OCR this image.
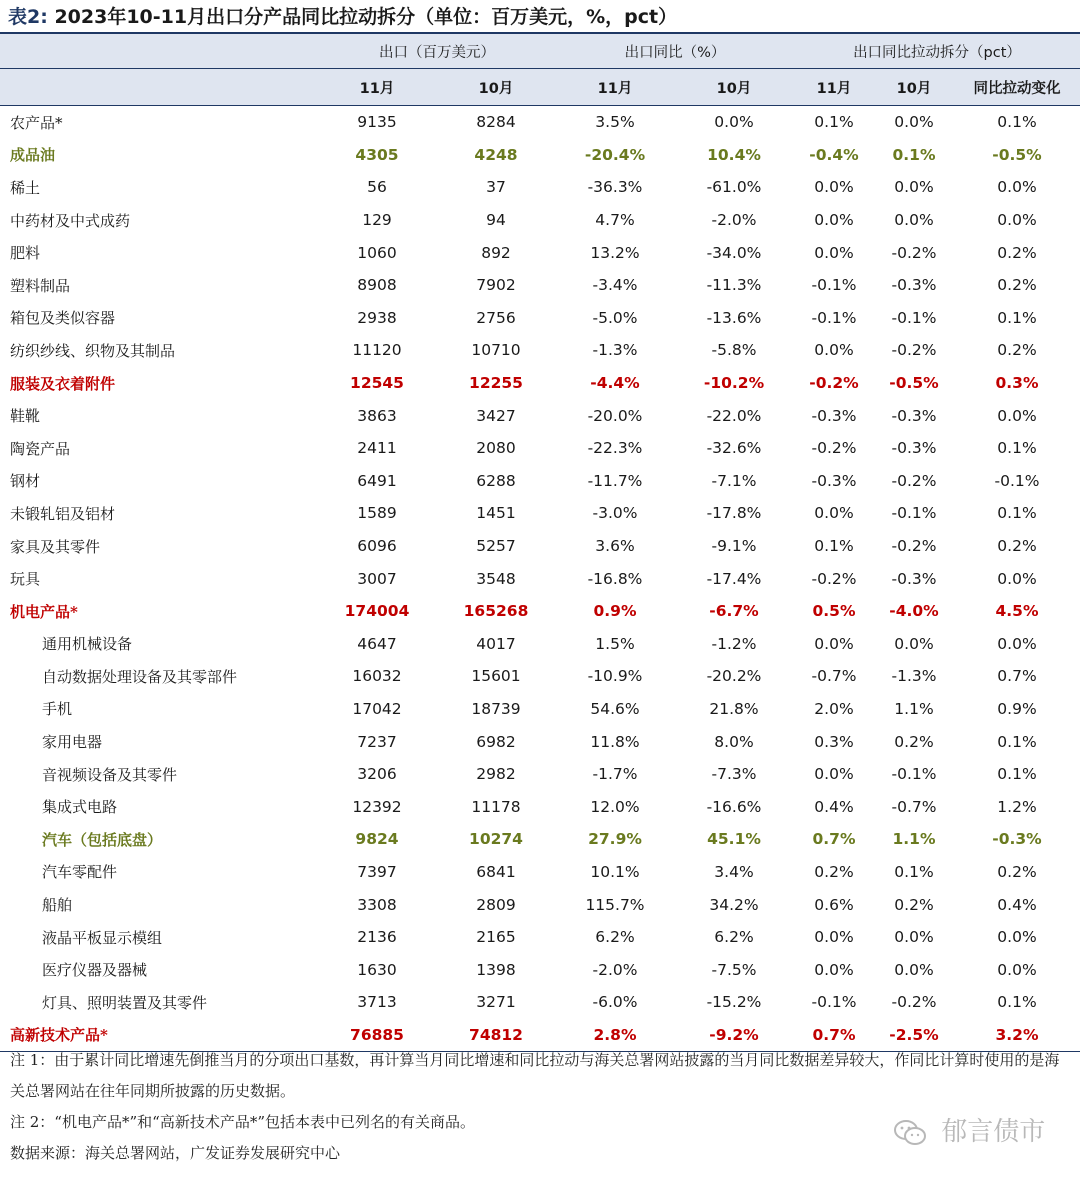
表2: 2023年10-11月出口分产品同比拉动拆分（单位：百万美元，%，pct）
	出口（百万美元）		出口同比（%）		出口同比拉动拆分（pct）		
	11月	10月	11月	10月	11月	10月	同比拉动变化
农产品*	9135	8284	3.5%	0.0%	0.1%	0.0%	0.1%
成品油	4305	4248	-20.4%	10.4%	-0.4%	0.1%	-0.5%
稀土	56	37	-36.3%	-61.0%	0.0%	0.0%	0.0%
中药材及中式成药	129	94	4.7%	-2.0%	0.0%	0.0%	0.0%
肥料	1060	892	13.2%	-34.0%	0.0%	-0.2%	0.2%
塑料制品	8908	7902	-3.4%	-11.3%	-0.1%	-0.3%	0.2%
箱包及类似容器	2938	2756	-5.0%	-13.6%	-0.1%	-0.1%	0.1%
纺织纱线、织物及其制品	11120	10710	-1.3%	-5.8%	0.0%	-0.2%	0.2%
服装及衣着附件	12545	12255	-4.4%	-10.2%	-0.2%	-0.5%	0.3%
鞋靴	3863	3427	-20.0%	-22.0%	-0.3%	-0.3%	0.0%
陶瓷产品	2411	2080	-22.3%	-32.6%	-0.2%	-0.3%	0.1%
钢材	6491	6288	-11.7%	-7.1%	-0.3%	-0.2%	-0.1%
未锻轧铝及铝材	1589	1451	-3.0%	-17.8%	0.0%	-0.1%	0.1%
家具及其零件	6096	5257	3.6%	-9.1%	0.1%	-0.2%	0.2%
玩具	3007	3548	-16.8%	-17.4%	-0.2%	-0.3%	0.0%
机电产品*	174004	165268	0.9%	-6.7%	0.5%	-4.0%	4.5%
通用机械设备	4647	4017	1.5%	-1.2%	0.0%	0.0%	0.0%
自动数据处理设备及其零部件	16032	15601	-10.9%	-20.2%	-0.7%	-1.3%	0.7%
手机	17042	18739	54.6%	21.8%	2.0%	1.1%	0.9%
家用电器	7237	6982	11.8%	8.0%	0.3%	0.2%	0.1%
音视频设备及其零件	3206	2982	-1.7%	-7.3%	0.0%	-0.1%	0.1%
集成式电路	12392	11178	12.0%	-16.6%	0.4%	-0.7%	1.2%
汽车（包括底盘）	9824	10274	27.9%	45.1%	0.7%	1.1%	-0.3%
汽车零配件	7397	6841	10.1%	3.4%	0.2%	0.1%	0.2%
船舶	3308	2809	115.7%	34.2%	0.6%	0.2%	0.4%
液晶平板显示模组	2136	2165	6.2%	6.2%	0.0%	0.0%	0.0%
医疗仪器及器械	1630	1398	-2.0%	-7.5%	0.0%	0.0%	0.0%
灯具、照明装置及其零件	3713	3271	-6.0%	-15.2%	-0.1%	-0.2%	0.1%
高新技术产品*	76885	74812	2.8%	-9.2%	0.7%	-2.5%	3.2%
注 1：由于累计同比增速先倒推当月的分项出口基数，再计算当月同比增速和同比拉动与海关总署网站披露的当月同比数据差异较大，作同比计算时使用的是海关总署网站在往年同期所披露的历史数据。
注 2：“机电产品*”和“高新技术产品*”包括本表中已列名的有关商品。
数据来源：海关总署网站，广发证券发展研究中心
郁言债市
